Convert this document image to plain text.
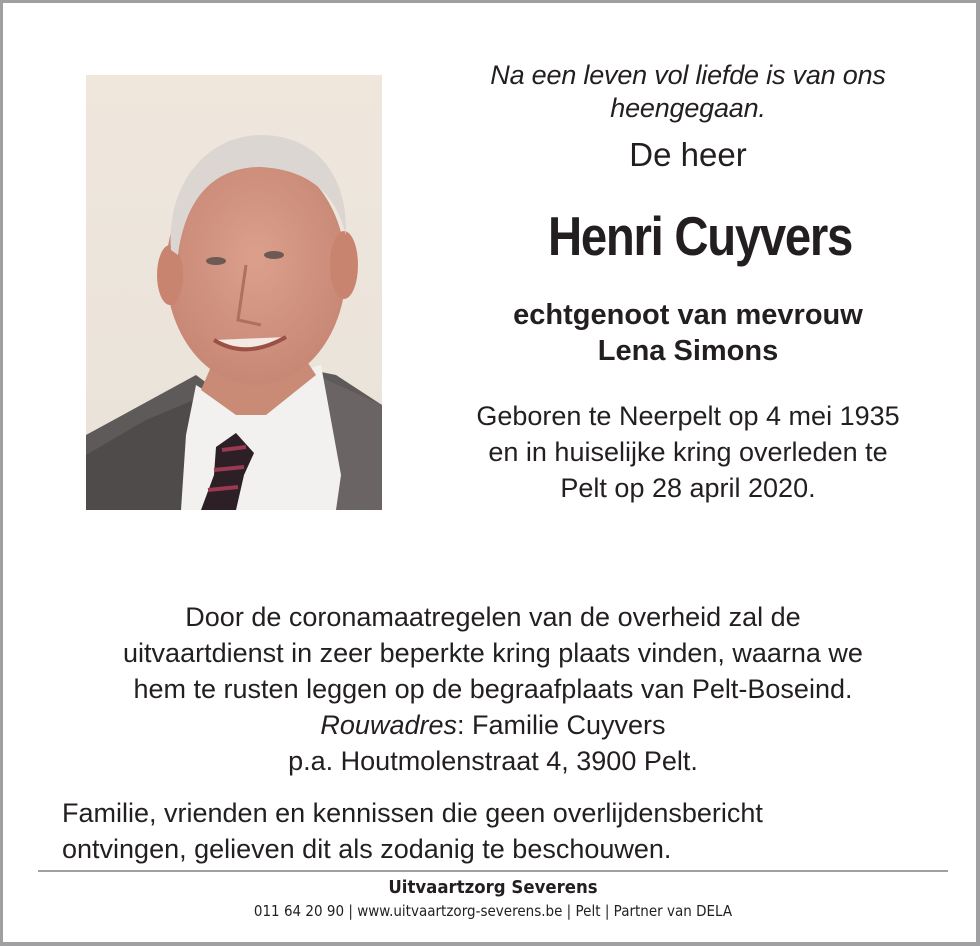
Na een leven vol liefde is van ons
heengegaan.
De heer
Henri Cuyvers
echtgenoot van mevrouw
Lena Simons
Geboren te Neerpelt op 4 mei 1935
en in huiselijke kring overleden te
Pelt op 28 april 2020.
Door de coronamaatregelen van de overheid zal de
uitvaartdienst in zeer beperkte kring plaats vinden, waarna we
hem te rusten leggen op de begraafplaats van Pelt-Boseind.
Rouwadres: Familie Cuyvers
p.a. Houtmolenstraat 4, 3900 Pelt.
Familie, vrienden en kennissen die geen overlijdensbericht
ontvingen, gelieven dit als zodanig te beschouwen.
Uitvaartzorg Severens
011 64 20 90 | www.uitvaartzorg-severens.be | Pelt | Partner van DELA
